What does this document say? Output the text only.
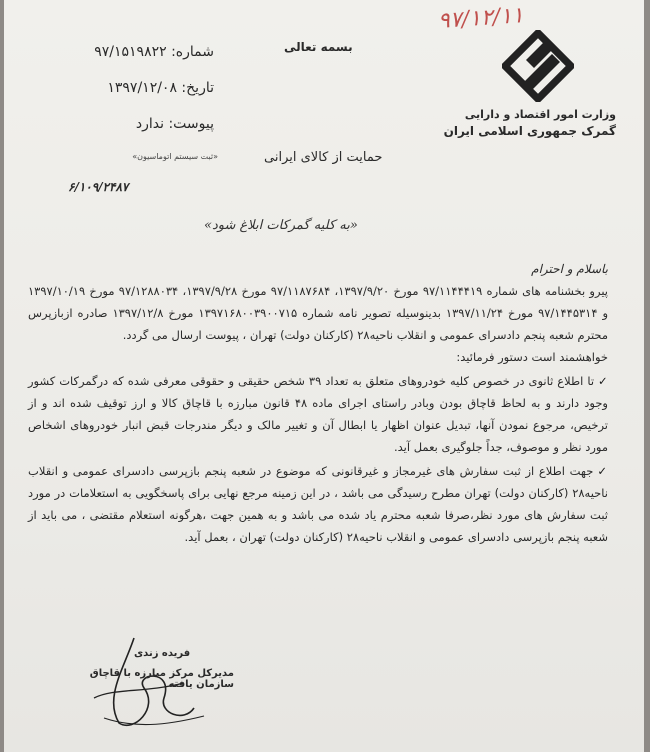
۹۷/۱۲/۱۱
وزارت امور اقتصاد و دارایی
گمرک جمهوری اسلامی ایران
بسمه تعالی
شماره: ۹۷/۱۵۱۹۸۲۲
تاریخ: ۱۳۹۷/۱۲/۰۸
پیوست: ندارد
«ثبت سیستم اتوماسیون»	حمایت از کالای ایرانی
۶/۱۰۹/۲۴۸۷
«به کلیه گمرکات ابلاغ شود»
باسلام و احترام

پیرو بخشنامه های شماره ۹۷/۱۱۴۴۴۱۹ مورخ ۱۳۹۷/۹/۲۰، ۹۷/۱۱۸۷۶۸۴ مورخ ۱۳۹۷/۹/۲۸، ۹۷/۱۲۸۸۰۳۴ مورخ ۱۳۹۷/۱۰/۱۹ و ۹۷/۱۴۴۵۳۱۴ مورخ ۱۳۹۷/۱۱/۲۴ بدینوسیله تصویر نامه شماره ۱۳۹۷۱۶۸۰۰۳۹۰۰۷۱۵ مورخ ۱۳۹۷/۱۲/۸ صادره ازبازپرس محترم شعبه پنجم دادسرای عمومی و انقلاب ناحیه۲۸ (کارکنان دولت) تهران ، پیوست ارسال می گردد.

خواهشمند است دستور فرمائید:

✓تا اطلاع ثانوی در خصوص کلیه خودروهای متعلق به تعداد ۳۹ شخص حقیقی و حقوقی معرفی شده که درگمرکات کشور وجود دارند و به لحاظ قاچاق بودن وبادر راستای اجرای ماده ۴۸ قانون مبارزه با قاچاق کالا و ارز توقیف شده اند و از ترخیص، مرجوع نمودن آنها، تبدیل عنوان اظهار یا ابطال آن و تغییر مالک و دیگر مندرجات قبض انبار خودروهای اشخاص مورد نظر و موصوف، جداً جلوگیری بعمل آید.

✓جهت اطلاع از ثبت سفارش های غیرمجاز و غیرقانونی که موضوع در شعبه پنجم بازپرسی دادسرای عمومی و انقلاب ناحیه۲۸ (کارکنان دولت) تهران مطرح رسیدگی می باشد ، در این زمینه مرجع نهایی برای پاسخگویی به استعلامات در مورد ثبت سفارش های مورد نظر،صرفا شعبه محترم یاد شده می باشد و به همین جهت ،هرگونه استعلام مقتضی ، می باید از شعبه پنجم بازپرسی دادسرای عمومی و انقلاب ناحیه۲۸ (کارکنان دولت) تهران ، بعمل آید.

فریده زندی
مدیرکل مرکز مبارزه با قاچاق سازمان یافته
